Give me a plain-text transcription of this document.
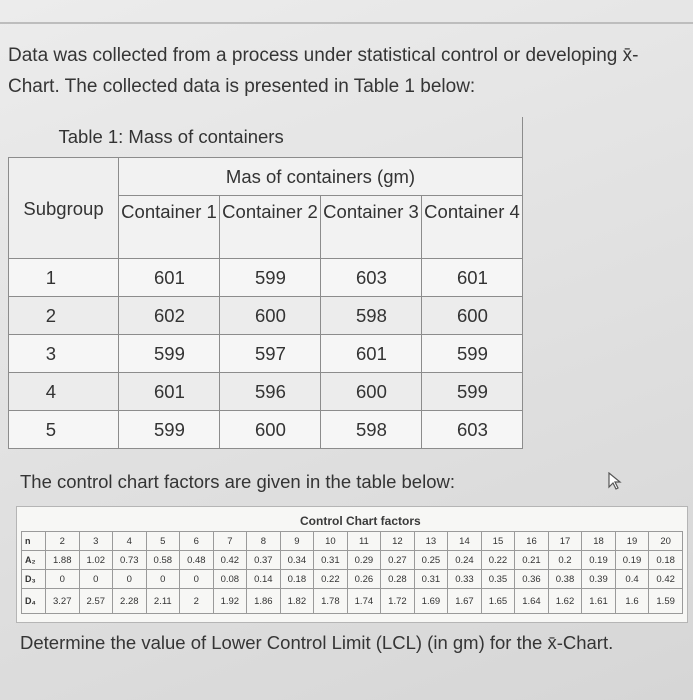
Data was collected from a process under statistical control or developing x̄-Chart. The collected data is presented in Table 1 below:
Table 1: Mass of containers				
Subgroup	Mas of containers (gm)			
	Container 1	Container 2	Container 3	Container 4
1	601	599	603	601
2	602	600	598	600
3	599	597	601	599
4	601	596	600	599
5	599	600	598	603
The control chart factors are given in the table below:
Control Chart factors
n	2	3	4	5	6	7	8	9	10	11	12	13	14	15	16	17	18	19	20
A₂	1.88	1.02	0.73	0.58	0.48	0.42	0.37	0.34	0.31	0.29	0.27	0.25	0.24	0.22	0.21	0.2	0.19	0.19	0.18
D₃	0	0	0	0	0	0.08	0.14	0.18	0.22	0.26	0.28	0.31	0.33	0.35	0.36	0.38	0.39	0.4	0.42
D₄	3.27	2.57	2.28	2.11	2	1.92	1.86	1.82	1.78	1.74	1.72	1.69	1.67	1.65	1.64	1.62	1.61	1.6	1.59
Determine the value of Lower Control Limit (LCL) (in gm) for the x̄-Chart.
